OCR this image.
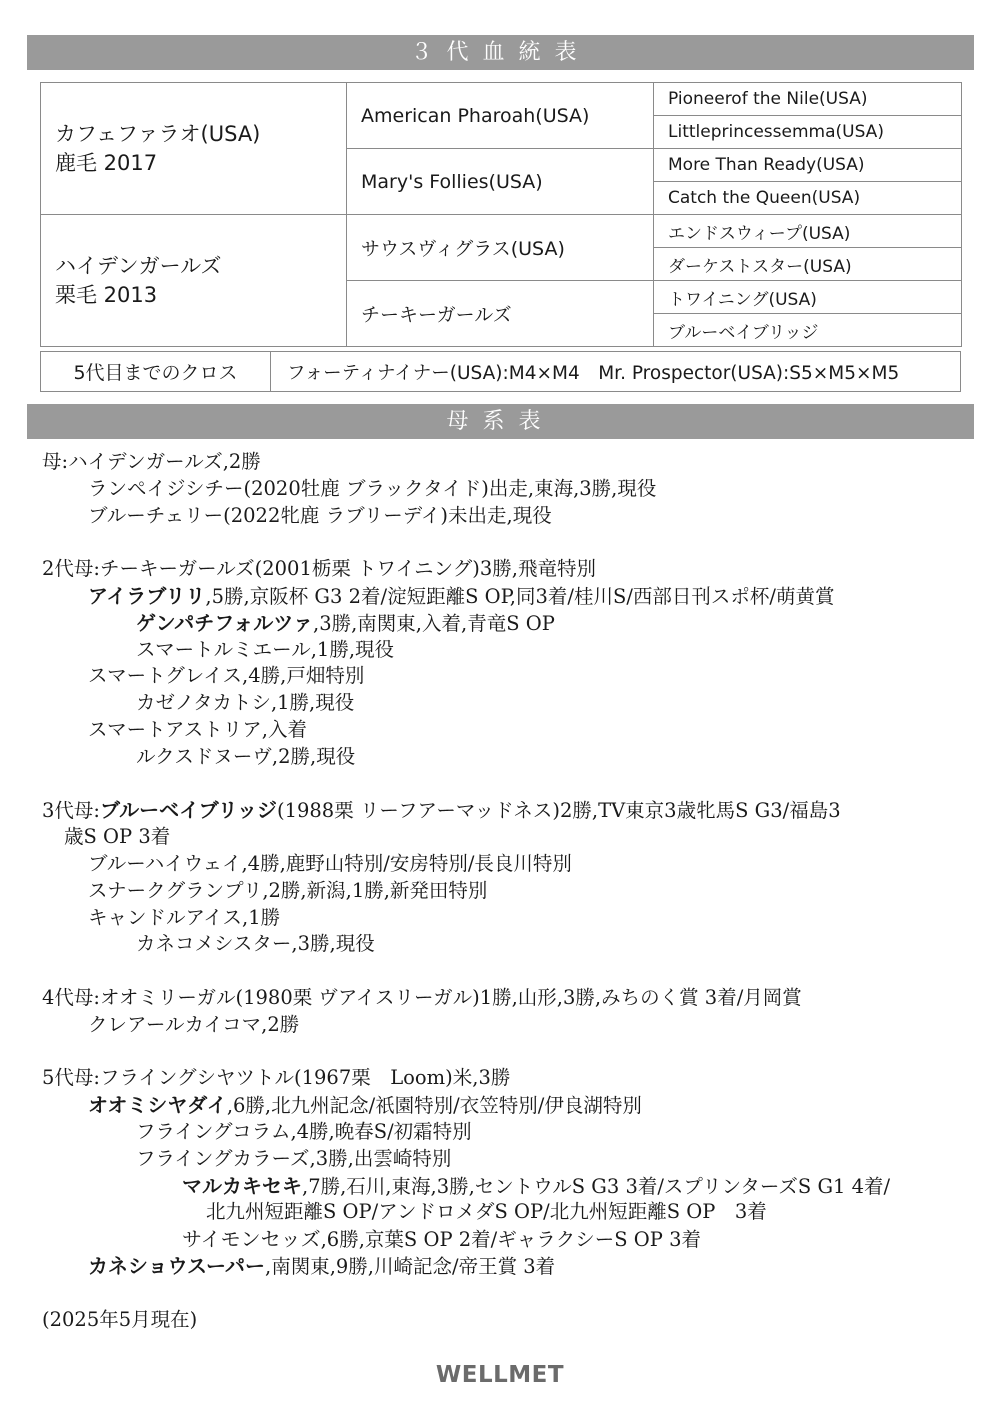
３代血統表
カフェファラオ(USA)
鹿毛 2017	American Pharoah(USA)	Pioneerof the Nile(USA)
		Littleprincessemma(USA)
	Mary's Follies(USA)	More Than Ready(USA)
		Catch the Queen(USA)

ハイデンガールズ
栗毛 2013	サウスヴィグラス(USA)	エンドスウィープ(USA)
		ダーケストスター(USA)
	チーキーガールズ	トワイニング(USA)
		ブルーベイブリッジ
5代目までのクロス	フォーティナイナー(USA):M4×M4　Mr. Prospector(USA):S5×M5×M5
母系表
母:ハイデンガールズ,2勝
ランペイジシチー(2020牡鹿 ブラックタイド)出走,東海,3勝,現役
ブルーチェリー(2022牝鹿 ラブリーデイ)未出走,現役
2代母:チーキーガールズ(2001栃栗 トワイニング)3勝,飛竜特別
アイラブリリ,5勝,京阪杯 G3 2着/淀短距離S OP,同3着/桂川S/西部日刊スポ杯/萌黄賞
ゲンパチフォルツァ,3勝,南関東,入着,青竜S OP
スマートルミエール,1勝,現役
スマートグレイス,4勝,戸畑特別
カゼノタカトシ,1勝,現役
スマートアストリア,入着
ルクスドヌーヴ,2勝,現役
3代母:ブルーベイブリッジ(1988栗 リーフアーマッドネス)2勝,TV東京3歳牝馬S G3/福島3
歳S OP 3着
ブルーハイウェイ,4勝,鹿野山特別/安房特別/長良川特別
スナークグランプリ,2勝,新潟,1勝,新発田特別
キャンドルアイス,1勝
カネコメシスター,3勝,現役
4代母:オオミリーガル(1980栗 ヴアイスリーガル)1勝,山形,3勝,みちのく賞 3着/月岡賞
クレアールカイコマ,2勝
5代母:フライングシヤツトル(1967栗　Loom)米,3勝
オオミシヤダイ,6勝,北九州記念/祇園特別/衣笠特別/伊良湖特別
フライングコラム,4勝,晩春S/初霜特別
フライングカラーズ,3勝,出雲崎特別
マルカキセキ,7勝,石川,東海,3勝,セントウルS G3 3着/スプリンターズS G1 4着/
北九州短距離S OP/アンドロメダS OP/北九州短距離S OP　3着
サイモンセッズ,6勝,京葉S OP 2着/ギャラクシーS OP 3着
カネショウスーパー,南関東,9勝,川崎記念/帝王賞 3着
(2025年5月現在)
WELLMET
